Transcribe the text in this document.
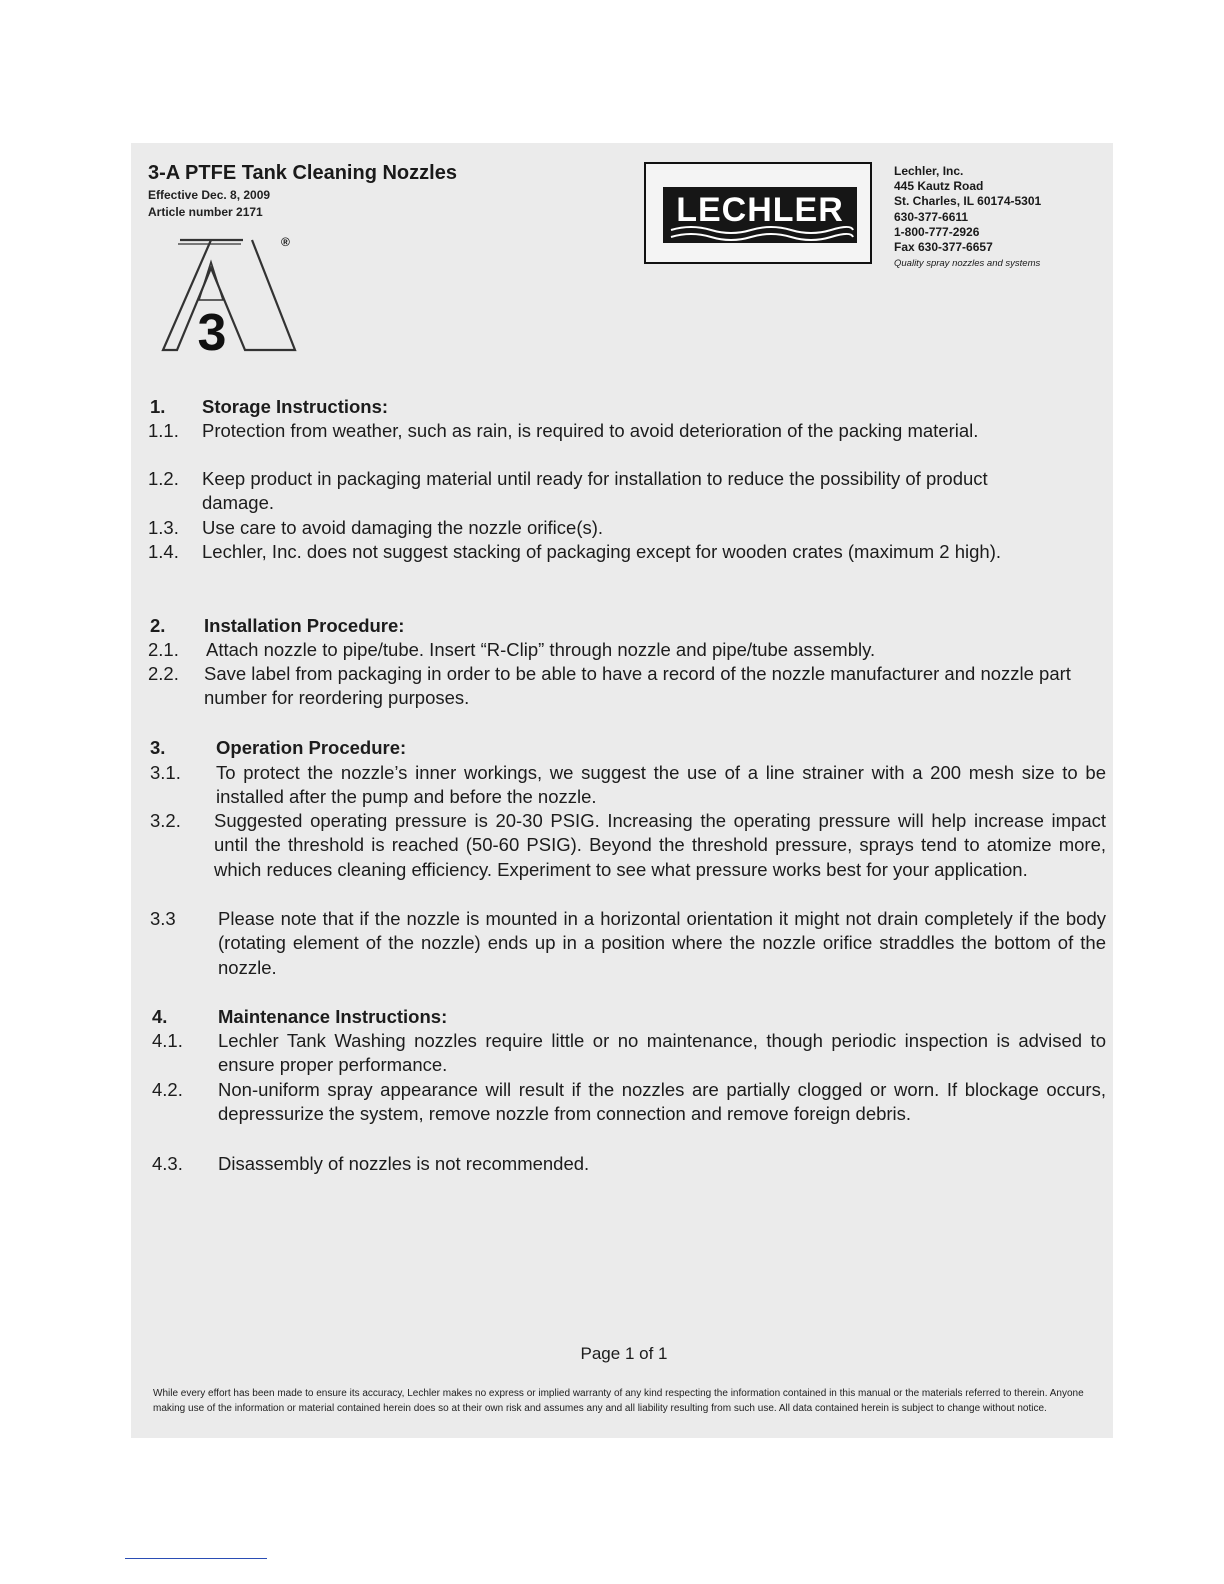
3-A PTFE Tank Cleaning Nozzles
Effective Dec. 8, 2009
Article number 2171
3
®
LECHLER
Lechler, Inc.
445 Kautz Road
St. Charles, IL 60174-5301
630-377-6611
1-800-777-2926
Fax 630-377-6657
Quality spray nozzles and systems
1. Storage Instructions:
1.1. Protection from weather, such as rain, is required to avoid deterioration of the packing material.
1.2. Keep product in packaging material until ready for installation to reduce the possibility of product damage.
1.3. Use care to avoid damaging the nozzle orifice(s).
1.4. Lechler, Inc. does not suggest stacking of packaging except for wooden crates (maximum 2 high).
2. Installation Procedure:
2.1. Attach nozzle to pipe/tube. Insert “R-Clip” through nozzle and pipe/tube assembly.
2.2. Save label from packaging in order to be able to have a record of the nozzle manufacturer and nozzle part number for reordering purposes.
3.	Operation Procedure:
3.1. To protect the nozzle’s inner workings, we suggest the use of a line strainer with a 200 mesh size to be installed after the pump and before the nozzle.
3.2. Suggested operating pressure is 20-30 PSIG. Increasing the operating pressure will help increase impact until the threshold is reached (50-60 PSIG). Beyond the threshold pressure, sprays tend to atomize more, which reduces cleaning efficiency. Experiment to see what pressure works best for your application.
3.3 Please note that if the nozzle is mounted in a horizontal orientation it might not drain completely if the body (rotating element of the nozzle) ends up in a position where the nozzle orifice straddles the bottom of the nozzle.
4.	Maintenance Instructions:
4.1. Lechler Tank Washing nozzles require little or no maintenance, though periodic inspection is advised to ensure proper performance.
4.2. Non-uniform spray appearance will result if the nozzles are partially clogged or worn. If blockage occurs, depressurize the system, remove nozzle from connection and remove foreign debris.
4.3. Disassembly of nozzles is not recommended.
Page 1 of 1
While every effort has been made to ensure its accuracy, Lechler makes no express or implied warranty of any kind respecting the information contained in this manual or the materials referred to therein. Anyone making use of the information or material contained herein does so at their own risk and assumes any and all liability resulting from such use. All data contained herein is subject to change without notice.
